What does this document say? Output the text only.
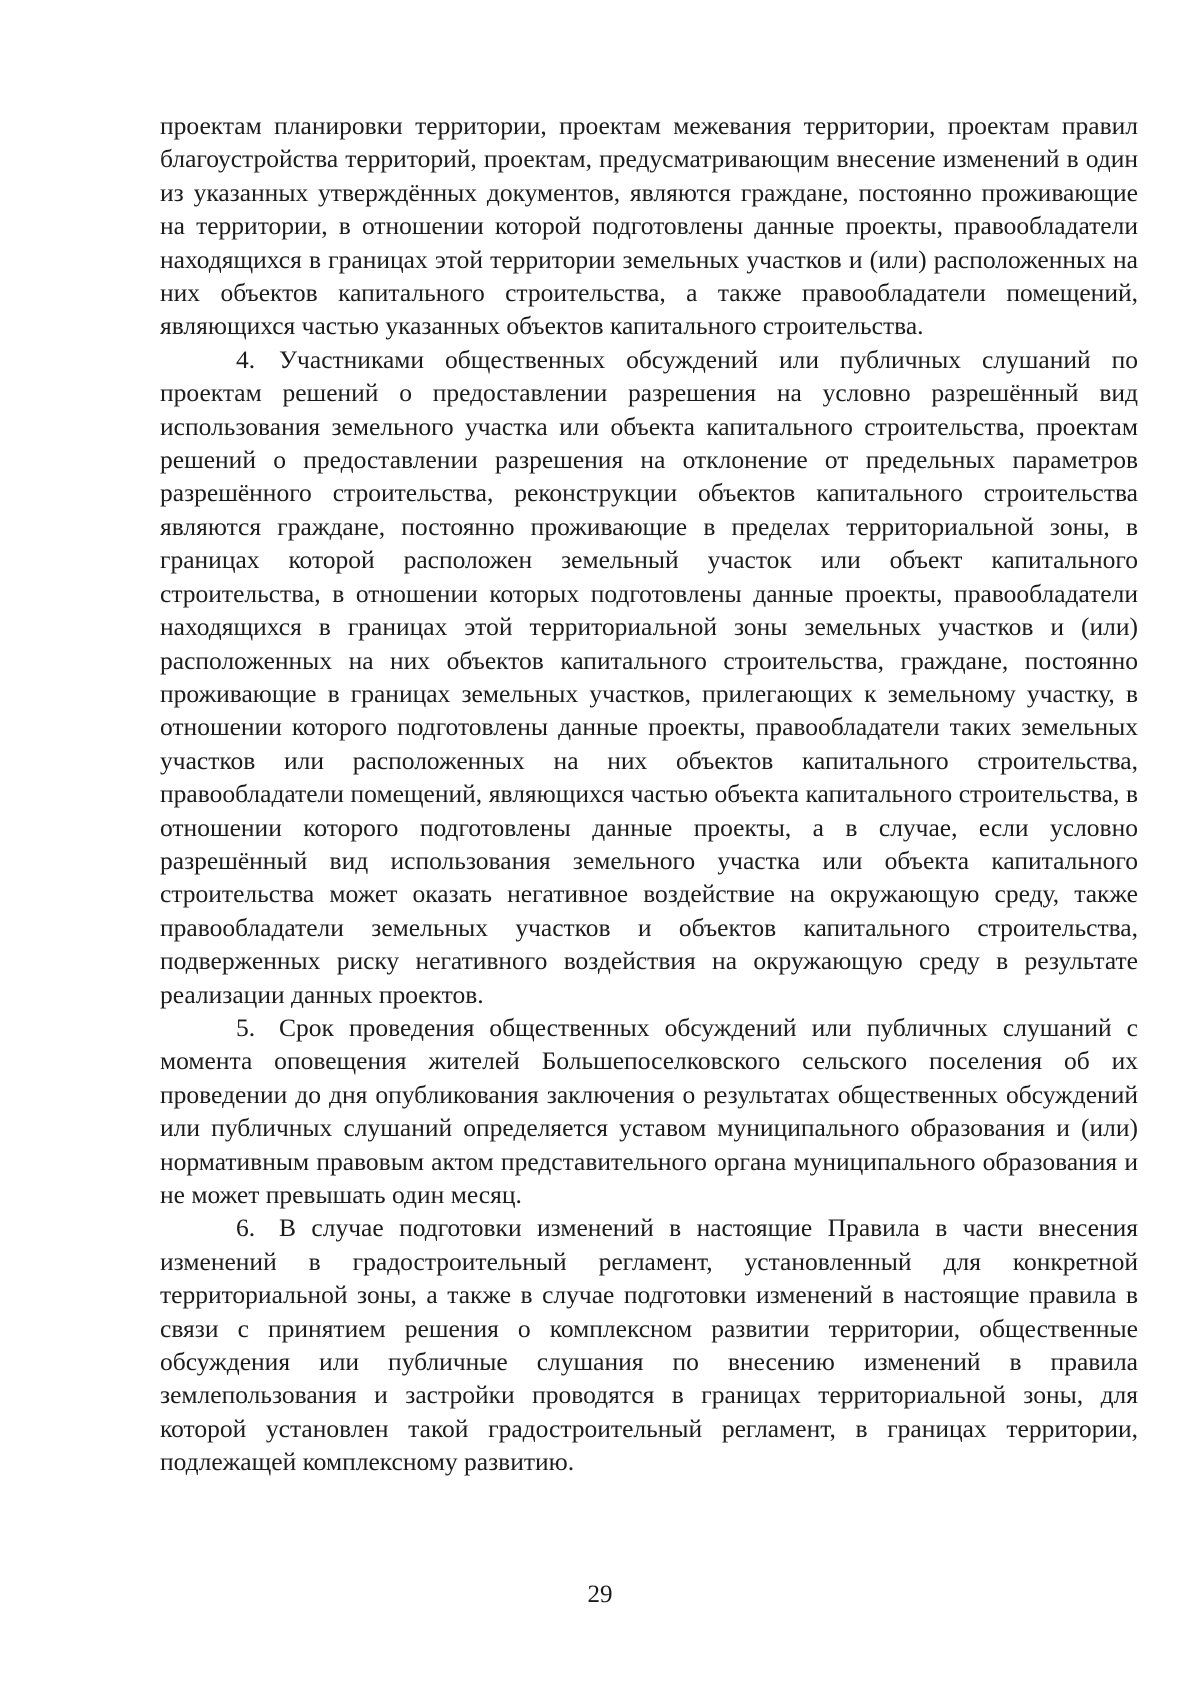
проектам планировки территории, проектам межевания территории, проектам правил благоустройства территорий, проектам, предусматривающим внесение изменений в один из указанных утверждённых документов, являются граждане, постоянно проживающие на территории, в отношении которой подготовлены данные проекты, правообладатели находящихся в границах этой территории земельных участков и (или) расположенных на них объектов капитального строительства, а также правообладатели помещений, являющихся частью указанных объектов капитального строительства.

4. Участниками общественных обсуждений или публичных слушаний по проектам решений о предоставлении разрешения на условно разрешённый вид использования земельного участка или объекта капитального строительства, проектам решений о предоставлении разрешения на отклонение от предельных параметров разрешённого строительства, реконструкции объектов капитального строительства являются граждане, постоянно проживающие в пределах территориальной зоны, в границах которой расположен земельный участок или объект капитального строительства, в отношении которых подготовлены данные проекты, правообладатели находящихся в границах этой территориальной зоны земельных участков и (или) расположенных на них объектов капитального строительства, граждане, постоянно проживающие в границах земельных участков, прилегающих к земельному участку, в отношении которого подготовлены данные проекты, правообладатели таких земельных участков или расположенных на них объектов капитального строительства, правообладатели помещений, являющихся частью объекта капитального строительства, в отношении которого подготовлены данные проекты, а в случае, если условно разрешённый вид использования земельного участка или объекта капитального строительства может оказать негативное воздействие на окружающую среду, также правообладатели земельных участков и объектов капитального строительства, подверженных риску негативного воздействия на окружающую среду в результате реализации данных проектов.

5. Срок проведения общественных обсуждений или публичных слушаний с момента оповещения жителей Большепоселковского сельского поселения об их проведении до дня опубликования заключения о результатах общественных обсуждений или публичных слушаний определяется уставом муниципального образования и (или) нормативным правовым актом представительного органа муниципального образования и не может превышать один месяц.

6. В случае подготовки изменений в настоящие Правила в части внесения изменений в градостроительный регламент, установленный для конкретной территориальной зоны, а также в случае подготовки изменений в настоящие правила в связи с принятием решения о комплексном развитии территории, общественные обсуждения или публичные слушания по внесению изменений в правила землепользования и застройки проводятся в границах территориальной зоны, для которой установлен такой градостроительный регламент, в границах территории, подлежащей комплексному развитию.

29
